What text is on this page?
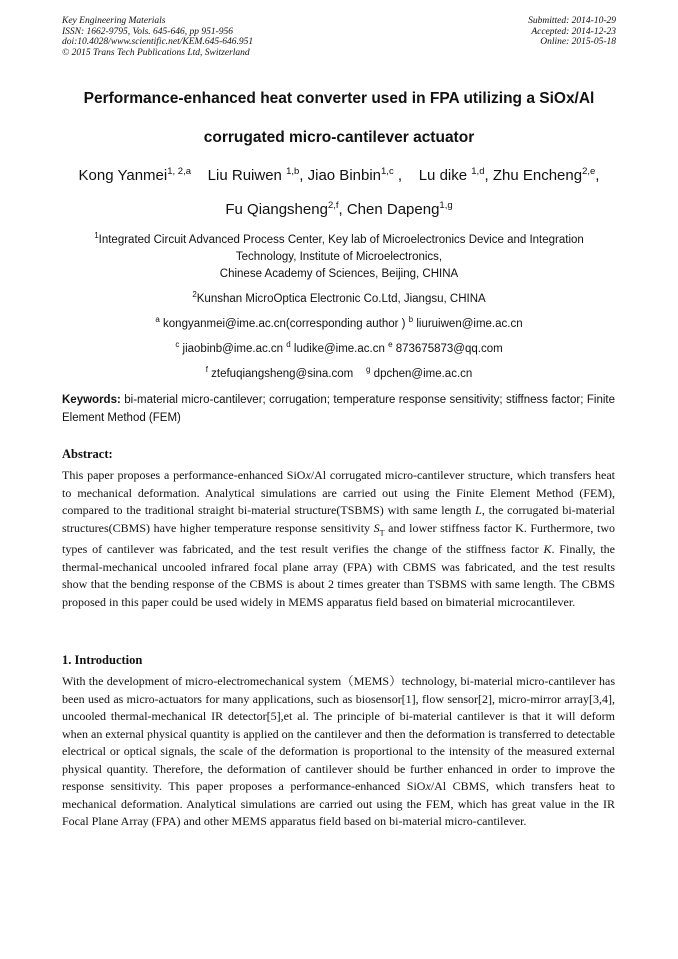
Key Engineering Materials
ISSN: 1662-9795, Vols. 645-646, pp 951-956
doi:10.4028/www.scientific.net/KEM.645-646.951
© 2015 Trans Tech Publications Ltd, Switzerland
Submitted: 2014-10-29
Accepted: 2014-12-23
Online: 2015-05-18
Performance-enhanced heat converter used in FPA utilizing a SiOx/Al
corrugated micro-cantilever actuator
Kong Yanmei$^{1, 2,a}$ Liu Ruiwen $^{1,b}$, Jiao Binbin$^{1,c}$ ,    Lu dike $^{1,d}$, Zhu Encheng$^{2,e}$,
Fu Qiangsheng$^{2,f}$, Chen Dapeng$^{1,g}$
$^1$Integrated Circuit Advanced Process Center, Key lab of Microelectronics Device and Integration
Technology, Institute of Microelectronics,
Chinese Academy of Sciences, Beijing, CHINA
$^2$Kunshan MicroOptica Electronic Co.Ltd, Jiangsu, CHINA
$^a$ kongyanmei@ime.ac.cn(corresponding author ) $^b$ liuruiwen@ime.ac.cn
$^c$ jiaobinb@ime.ac.cn $^d$ ludike@ime.ac.cn $^e$ 873675873@qq.com
$^f$ ztefuqiangsheng@sina.com $^g$ dpchen@ime.ac.cn
Keywords: bi-material micro-cantilever; corrugation; temperature response sensitivity; stiffness factor; Finite Element Method (FEM)
Abstract:
This paper proposes a performance-enhanced SiOx/Al corrugated micro-cantilever structure, which transfers heat to mechanical deformation. Analytical simulations are carried out using the Finite Element Method (FEM), compared to the traditional straight bi-material structure(TSBMS) with same length L, the corrugated bi-material structures(CBMS) have higher temperature response sensitivity $S_T$ and lower stiffness factor K. Furthermore, two types of cantilever was fabricated, and the test result verifies the change of the stiffness factor K. Finally, the thermal-mechanical uncooled infrared focal plane array (FPA) with CBMS was fabricated, and the test results show that the bending response of the CBMS is about 2 times greater than TSBMS with same length. The CBMS proposed in this paper could be used widely in MEMS apparatus field based on bimaterial microcantilever.
1. Introduction
With the development of micro-electromechanical system（MEMS）technology, bi-material micro-cantilever has been used as micro-actuators for many applications, such as biosensor[1], flow sensor[2], micro-mirror array[3,4], uncooled thermal-mechanical IR detector[5],et al. The principle of bi-material cantilever is that it will deform when an external physical quantity is applied on the cantilever and then the deformation is transferred to detectable electrical or optical signals, the scale of the deformation is proportional to the intensity of the measured external physical quantity. Therefore, the deformation of cantilever should be further enhanced in order to improve the response sensitivity. This paper proposes a performance-enhanced SiOx/Al CBMS, which transfers heat to mechanical deformation. Analytical simulations are carried out using the FEM, which has great value in the IR Focal Plane Array (FPA) and other MEMS apparatus field based on bi-material micro-cantilever.
